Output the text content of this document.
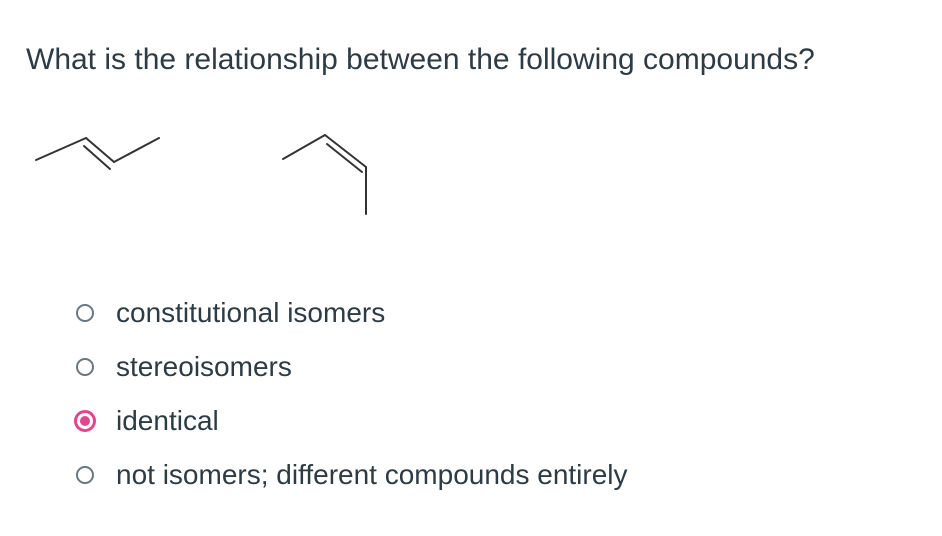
What is the relationship between the following compounds?
constitutional isomers
stereoisomers
identical
not isomers; different compounds entirely
